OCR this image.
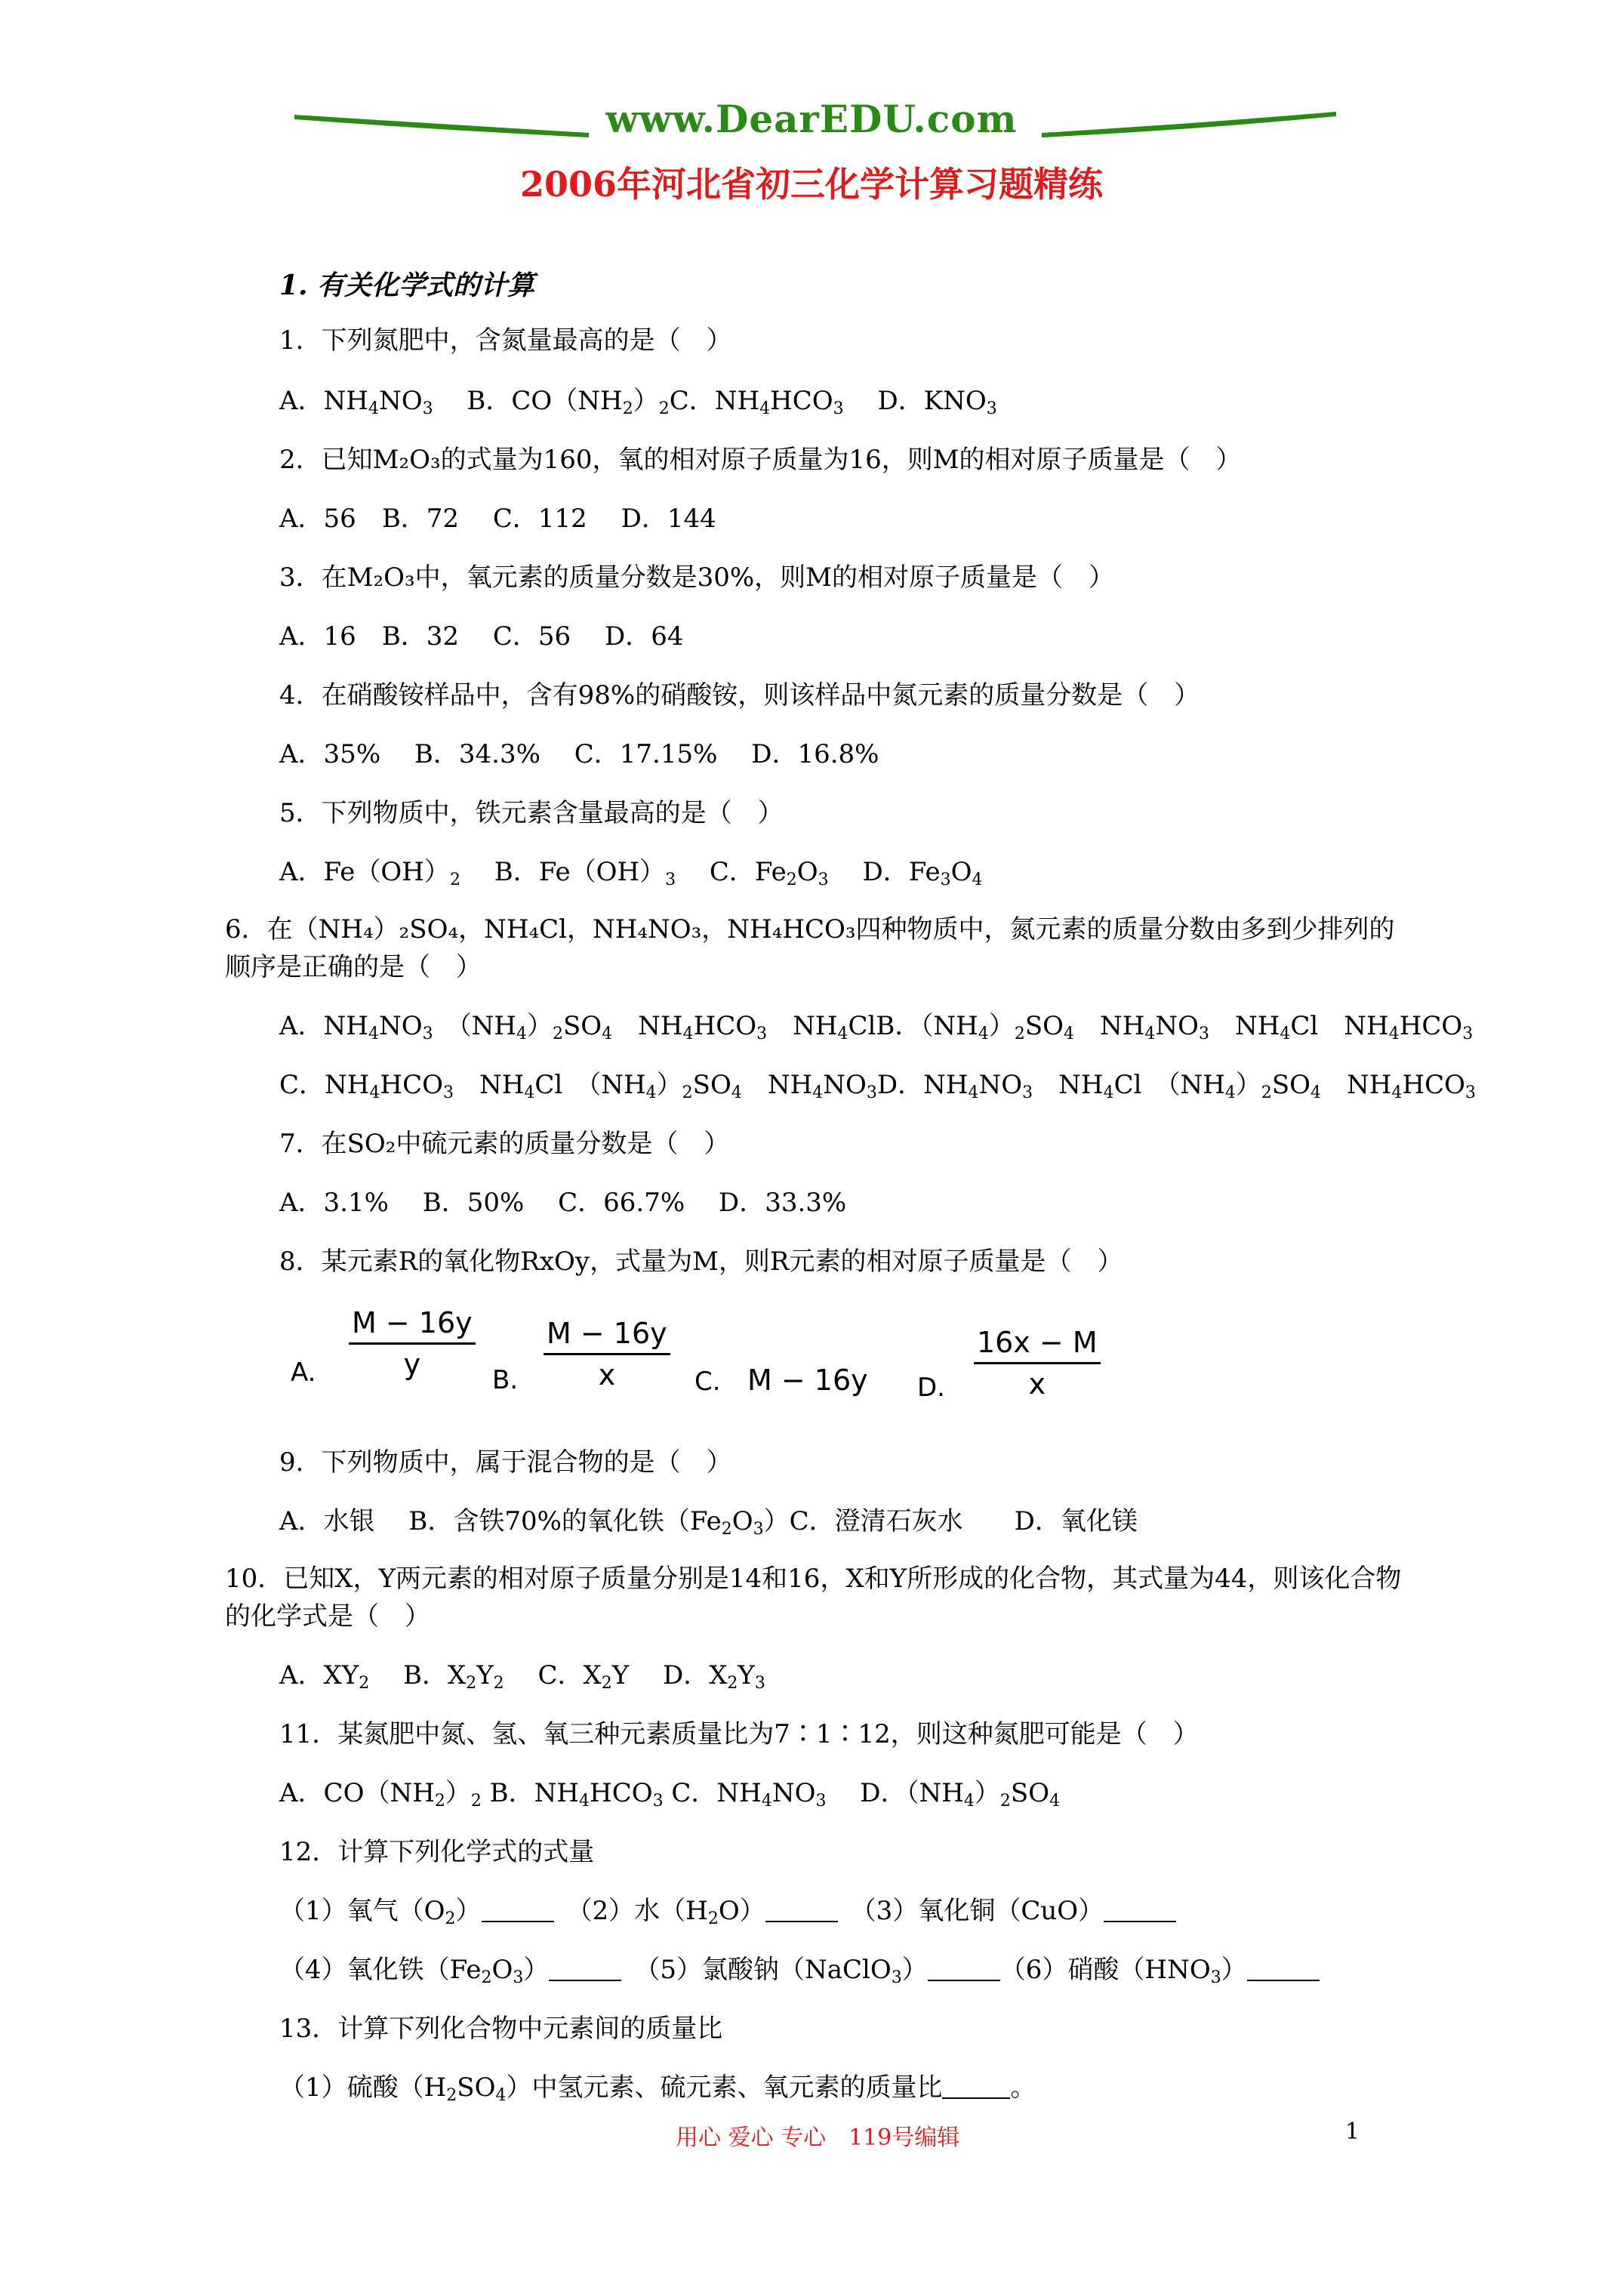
www.DearEDU.com
2006年河北省初三化学计算习题精练
1. 有关化学式的计算
1．下列氮肥中，含氮量最高的是（　）
A．$NH_4NO_3$　 B．$CO(NH_2)_2C$．$NH_4HCO_3$　 D．$KNO_3$
2．已知M₂O₃的式量为160，氧的相对原子质量为16，则M的相对原子质量是（　）
A．56　B．72　 C．112　 D．144
3．在M₂O₃中，氧元素的质量分数是30%，则M的相对原子质量是（　）
A．16　B．32　 C．56　 D．64
4．在硝酸铵样品中，含有98%的硝酸铵，则该样品中氮元素的质量分数是（　）
A．35%　 B．34.3%　 C．17.15%　 D．16.8%
5．下列物质中，铁元素含量最高的是（　）
A．$Fe(OH)_2$　 B．$Fe(OH)_3$　 C．$Fe_2O_3$　 D．$Fe_3O_4$
6．在（NH₄）₂SO₄，NH₄Cl，NH₄NO₃，NH₄HCO₃四种物质中，氮元素的质量分数由多到少排列的顺序是正确的是（　）
A．$NH_4NO_3$　$(NH_4)_2SO_4$　$NH_4HCO_3$　$NH_4ClB$．$(NH_4)_2SO_4$　$NH_4NO_3$　$NH_4Cl$　$NH_4HCO_3$
C．$NH_4HCO_3$　$NH_4Cl$　$(NH_4)_2SO_4$　$NH_4NO_3D$．$NH_4NO_3$　$NH_4Cl$　$(NH_4)_2SO_4$　$NH_4HCO_3$
7．在SO₂中硫元素的质量分数是（　）
A．3.1%　 B．50%　 C．66.7%　 D．33.3%
8．某元素R的氧化物RxOy，式量为M，则R元素的相对原子质量是（　）
A.
M − 16y
y	B.
M − 16y
x	C. M − 16y D.
16x − M
x
9．下列物质中，属于混合物的是（　）
A．水银　 B．含铁70%的氧化铁$(Fe_2O_3)C$．澄清石灰水　　D．氧化镁
10．已知X，Y两元素的相对原子质量分别是14和16，X和Y所形成的化合物，其式量为44，则该化合物的化学式是（　）
A．$XY_2$　 B．$X_2Y_2$　 C．$X_2Y$　 D．$X_2Y_3$
11．某氮肥中氮、氢、氧三种元素质量比为7∶1∶12，则这种氮肥可能是（　）
A．$CO(NH_2)_2$ B．$NH_4HCO_3$ C．$NH_4NO_3$　 D．$(NH_4)_2SO_4$
12．计算下列化学式的式量
（1）氧气$(O_2)$	　（2）水$(H_2O)$	　（3）氧化铜（CuO）
（4）氧化铁$(Fe_2O_3)$	　（5）氯酸钠（NaClO$_3$）	（6）硝酸$(HNO_3)$
13．计算下列化合物中元素间的质量比
（1）硫酸$(H_2SO_4)$中氢元素、硫元素、氧元素的质量比	。
用心 爱心 专心　119号编辑	1
